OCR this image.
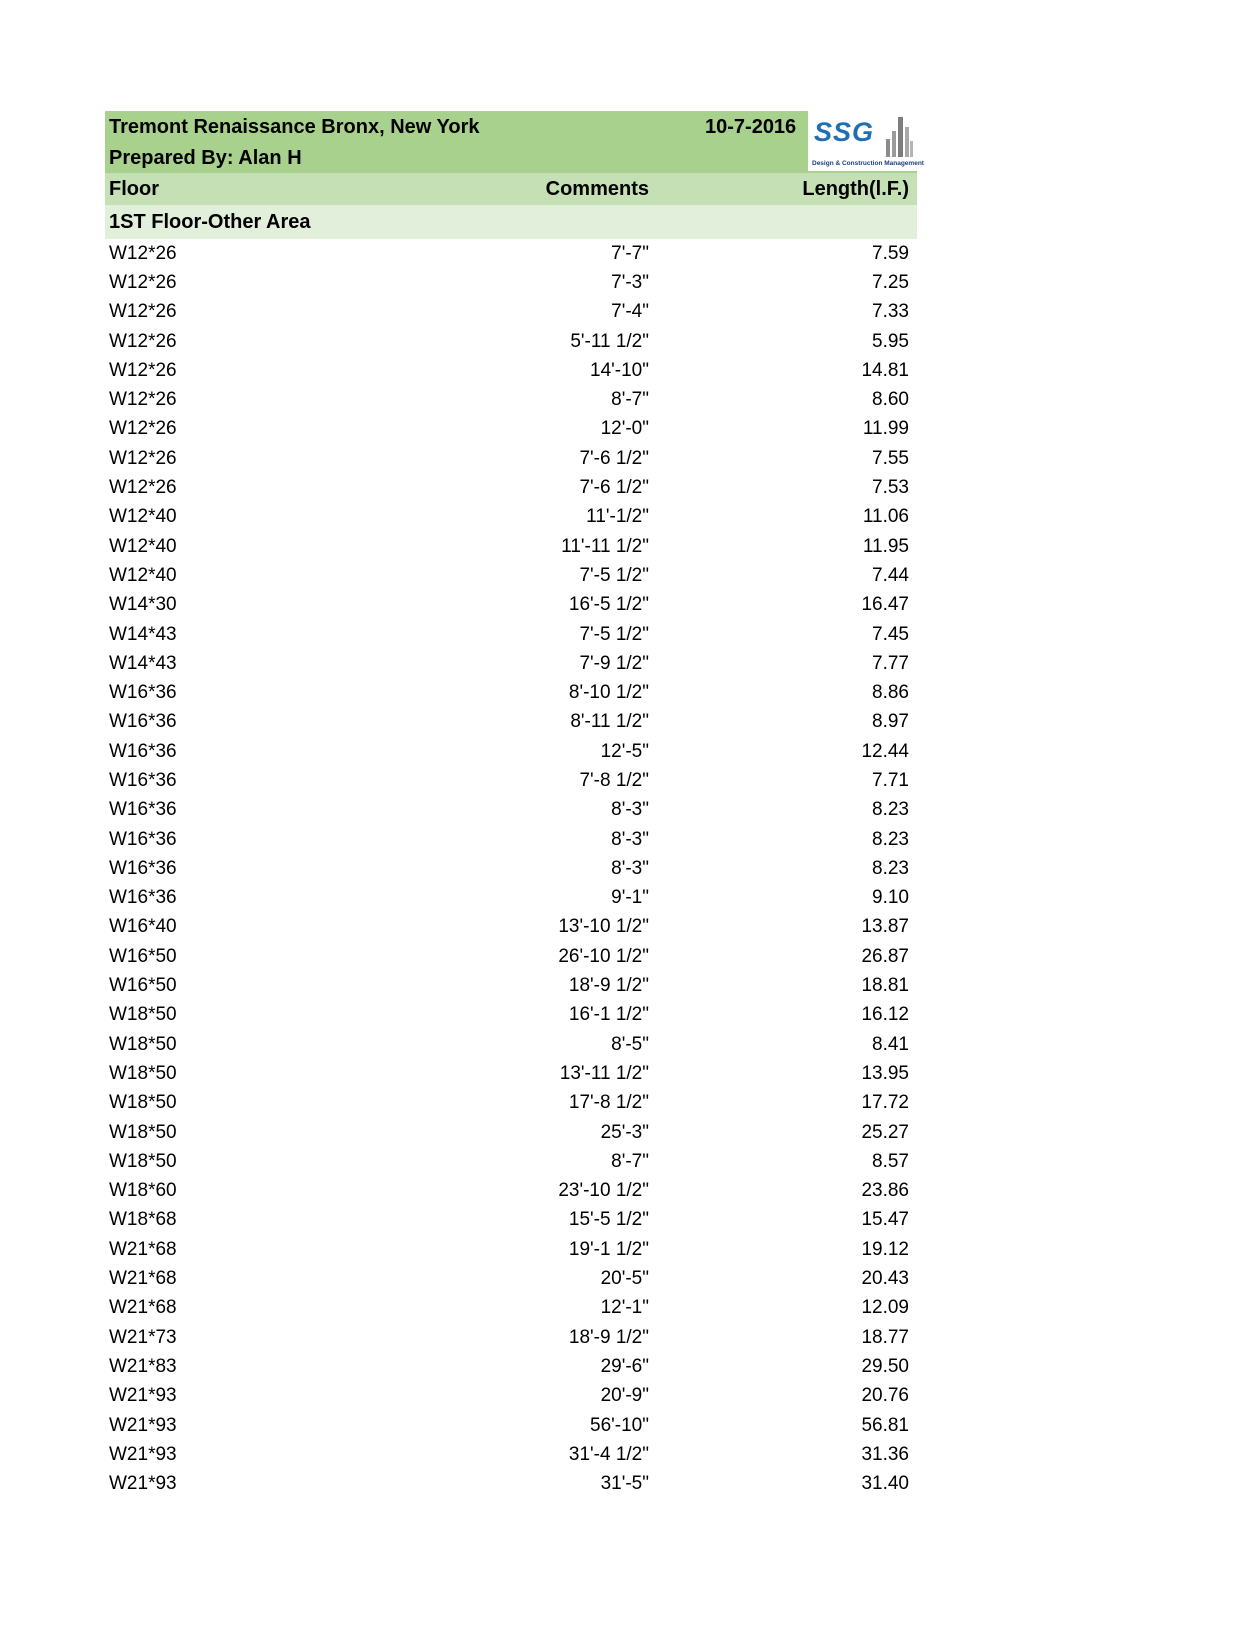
Tremont Renaissance Bronx, New York
Prepared By: Alan H
10-7-2016 SSG
Design & Construction Management
Floor	Comments	Length(l.F.)
1ST Floor-Other Area
W12*26	7'-7"	7.59
W12*26	7'-3"	7.25
W12*26	7'-4"	7.33
W12*26	5'-11 1/2"	5.95
W12*26	14'-10"	14.81
W12*26	8'-7"	8.60
W12*26	12'-0"	11.99
W12*26	7'-6 1/2"	7.55
W12*26	7'-6 1/2"	7.53
W12*40	11'-1/2"	11.06
W12*40	11'-11 1/2"	11.95
W12*40	7'-5 1/2"	7.44
W14*30	16'-5 1/2"	16.47
W14*43	7'-5 1/2"	7.45
W14*43	7'-9 1/2"	7.77
W16*36	8'-10 1/2"	8.86
W16*36	8'-11 1/2"	8.97
W16*36	12'-5"	12.44
W16*36	7'-8 1/2"	7.71
W16*36	8'-3"	8.23
W16*36	8'-3"	8.23
W16*36	8'-3"	8.23
W16*36	9'-1"	9.10
W16*40	13'-10 1/2"	13.87
W16*50	26'-10 1/2"	26.87
W16*50	18'-9 1/2"	18.81
W18*50	16'-1 1/2"	16.12
W18*50	8'-5"	8.41
W18*50	13'-11 1/2"	13.95
W18*50	17'-8 1/2"	17.72
W18*50	25'-3"	25.27
W18*50	8'-7"	8.57
W18*60	23'-10 1/2"	23.86
W18*68	15'-5 1/2"	15.47
W21*68	19'-1 1/2"	19.12
W21*68	20'-5"	20.43
W21*68	12'-1"	12.09
W21*73	18'-9 1/2"	18.77
W21*83	29'-6"	29.50
W21*93	20'-9"	20.76
W21*93	56'-10"	56.81
W21*93	31'-4 1/2"	31.36
W21*93	31'-5"	31.40
